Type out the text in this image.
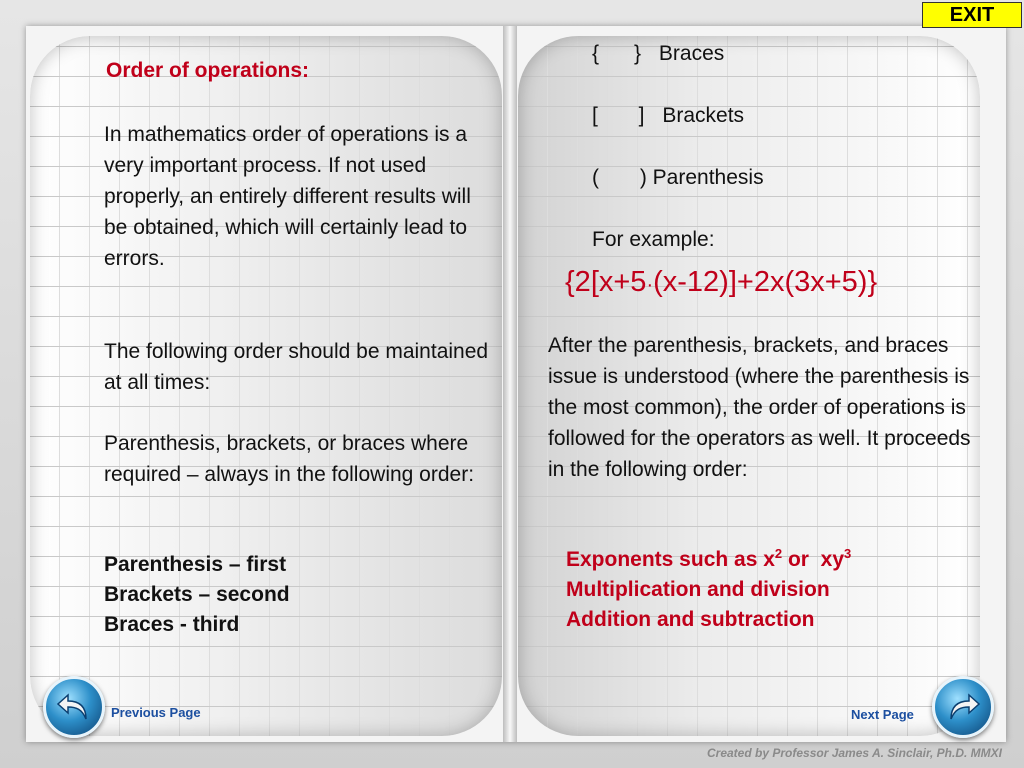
EXIT
Order of operations:
In mathematics order of operations is a very important process. If not used properly, an entirely different results will be obtained, which will certainly lead to errors.
The following order should be maintained at all times:
Parenthesis, brackets, or braces where required – always in the following order:
Parenthesis – first
Brackets – second
Braces - third
{      } Braces
[       ] Brackets
(       ) Parenthesis
For example:
{2[x+5·(x-12)]+2x(3x+5)}
After the parenthesis, brackets, and braces issue is understood (where the parenthesis is the most common), the order of operations is followed for the operators as well. It proceeds in the following order:
Exponents such as $x^2$ or  $xy^3$
Multiplication and division
Addition and subtraction
Previous Page	Next Page
Created by Professor James A. Sinclair, Ph.D. MMXI
